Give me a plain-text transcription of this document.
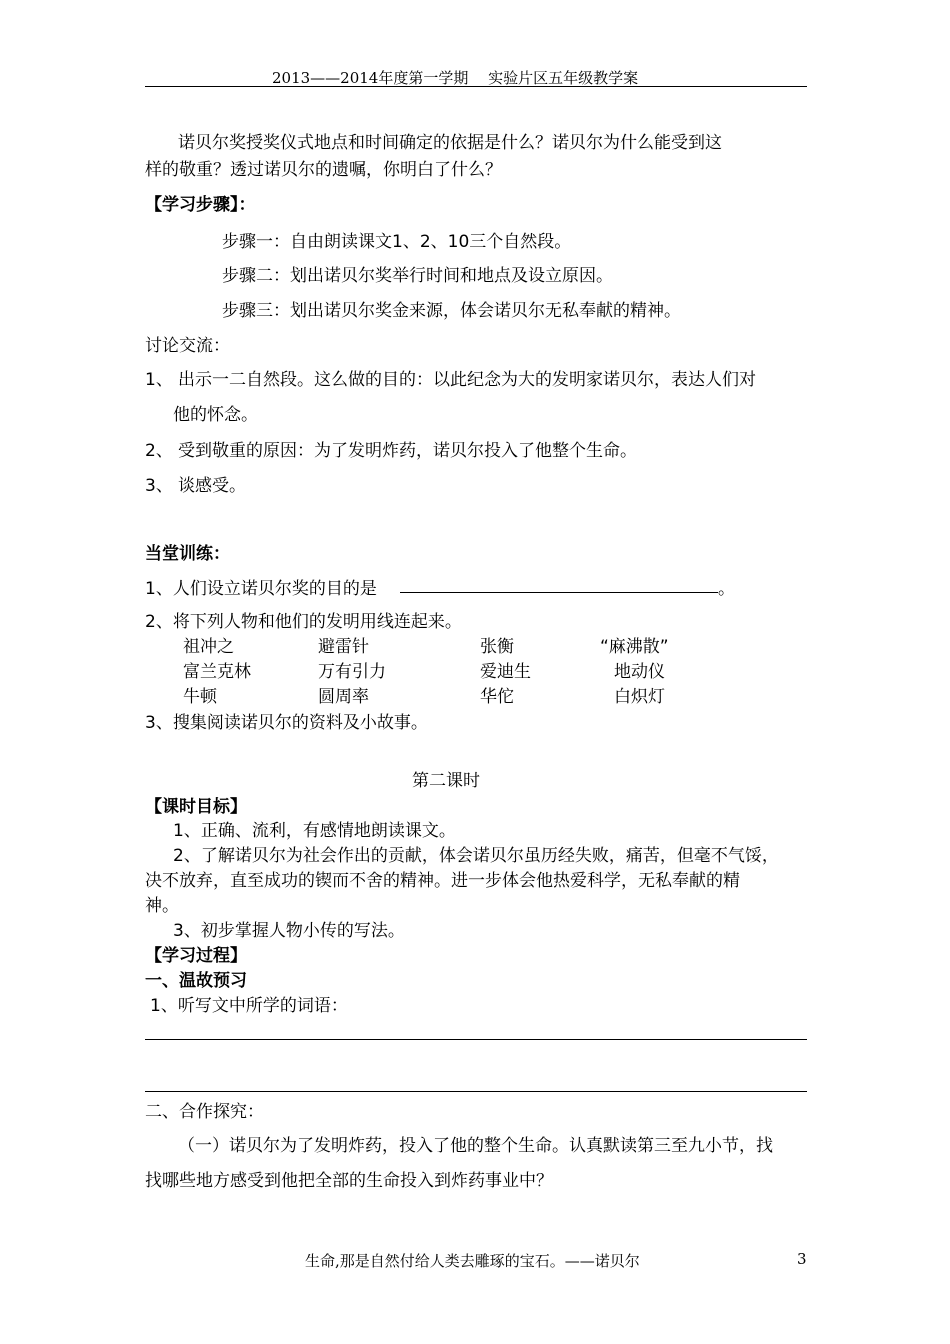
2013——2014年度第一学期　 实验片区五年级教学案
诺贝尔奖授奖仪式地点和时间确定的依据是什么？诺贝尔为什么能受到这
样的敬重？透过诺贝尔的遗嘱，你明白了什么？
【学习步骤】：
步骤一：自由朗读课文1、2、10三个自然段。
步骤二：划出诺贝尔奖举行时间和地点及设立原因。
步骤三：划出诺贝尔奖金来源，体会诺贝尔无私奉献的精神。
讨论交流：
1、 出示一二自然段。这么做的目的：以此纪念为大的发明家诺贝尔，表达人们对
他的怀念。
2、 受到敬重的原因：为了发明炸药，诺贝尔投入了他整个生命。
3、 谈感受。
当堂训练：
1、人们设立诺贝尔奖的目的是	。
2、将下列人物和他们的发明用线连起来。
祖冲之	避雷针	张衡	“麻沸散”
富兰克林	万有引力	爱迪生	地动仪
牛顿	圆周率	华佗	白炽灯
3、搜集阅读诺贝尔的资料及小故事。
第二课时
【课时目标】
1、正确、流利，有感情地朗读课文。
2、了解诺贝尔为社会作出的贡献，体会诺贝尔虽历经失败，痛苦，但毫不气馁，
决不放弃，直至成功的锲而不舍的精神。进一步体会他热爱科学，无私奉献的精
神。
3、初步掌握人物小传的写法。
【学习过程】
一、温故预习
1、听写文中所学的词语：
二、合作探究：
（一）诺贝尔为了发明炸药，投入了他的整个生命。认真默读第三至九小节，找
找哪些地方感受到他把全部的生命投入到炸药事业中？
生命,那是自然付给人类去雕琢的宝石。——诺贝尔	3
